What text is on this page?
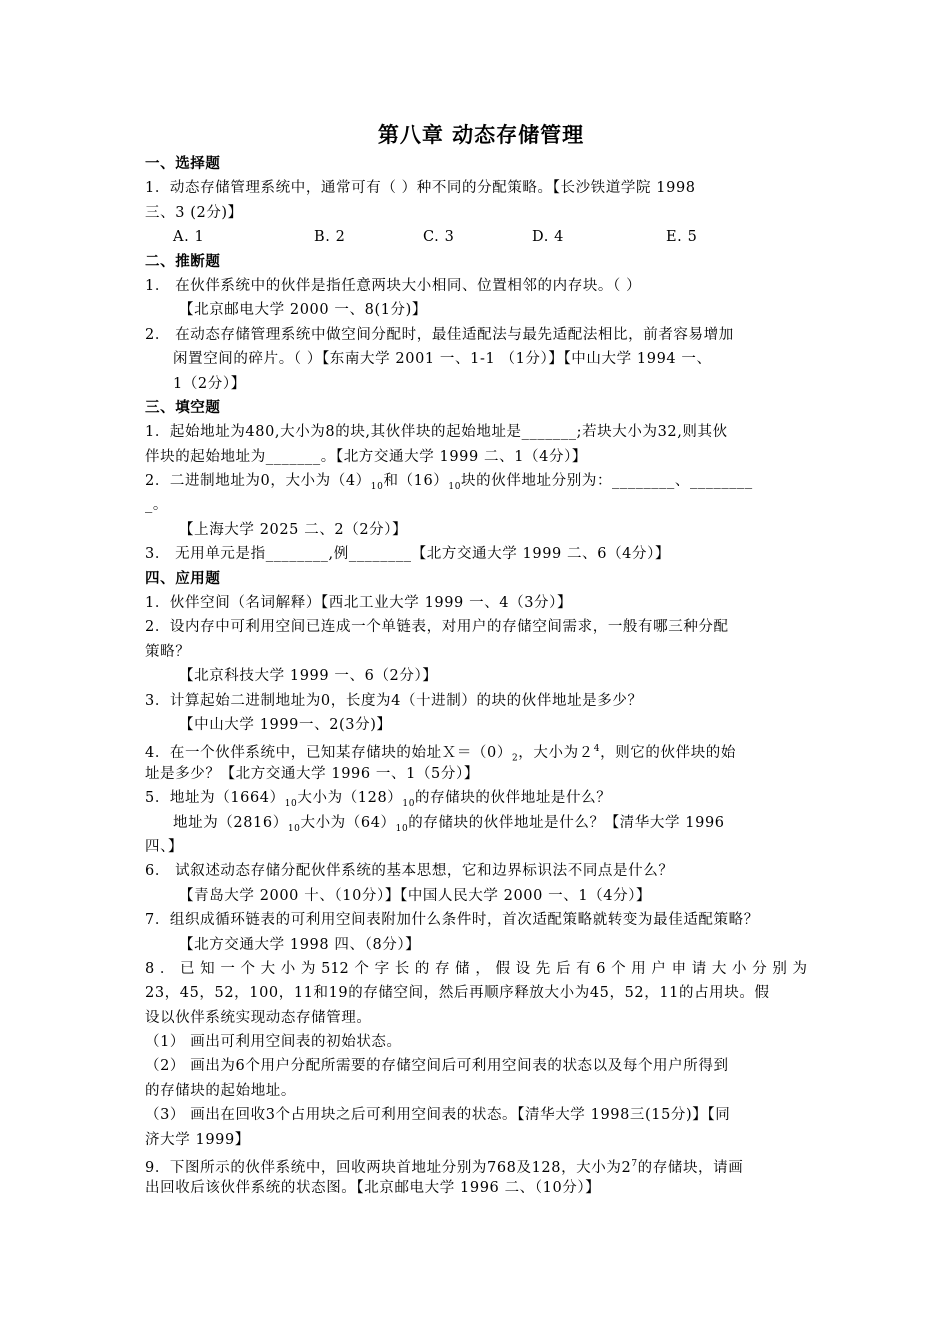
第八章 动态存储管理
一、选择题
1．动态存储管理系统中，通常可有（ ）种不同的分配策略。【长沙铁道学院 1998
三、3 (2分)】
A. 1	B. 2	C. 3	D. 4	E. 5
二、推断题
1． 在伙伴系统中的伙伴是指任意两块大小相同、位置相邻的内存块。（ ）
【北京邮电大学 2000 一、8(1分)】
2． 在动态存储管理系统中做空间分配时，最佳适配法与最先适配法相比，前者容易增加
闲置空间的碎片。（ ）【东南大学 2001 一、1-1 （1分）】【中山大学 1994 一、
1（2分）】
三、填空题
1．起始地址为480,大小为8的块,其伙伴块的起始地址是_______;若块大小为32,则其伙
伴块的起始地址为_______。【北方交通大学 1999 二、1（4分）】
2．二进制地址为0，大小为$(4)_{10}$和$(16)_{10}$块的伙伴地址分别为：________、________
_。
【上海大学 2025 二、2（2分）】
3． 无用单元是指________,例________【北方交通大学 1999 二、6（4分）】
四、应用题
1．伙伴空间（名词解释）【西北工业大学 1999 一、4（3分）】
2．设内存中可利用空间已连成一个单链表，对用户的存储空间需求，一般有哪三种分配
策略？
【北京科技大学 1999 一、6（2分）】
3．计算起始二进制地址为0，长度为4（十进制）的块的伙伴地址是多少？
【中山大学 1999一、2(3分)】
4．在一个伙伴系统中，已知某存储块的始址$X=(0)_2$，大小为$2^4$，则它的伙伴块的始
址是多少？【北方交通大学 1996 一、1（5分）】
5．地址为$(1664)_{10}$大小为$(128)_{10}$的存储块的伙伴地址是什么？
地址为$(2816)_{10}$大小为$(64)_{10}$的存储块的伙伴地址是什么？【清华大学 1996
四、】
6． 试叙述动态存储分配伙伴系统的基本思想，它和边界标识法不同点是什么？
【青岛大学 2000 十、（10分）】【中国人民大学 2000 一、1（4分）】
7．组织成循环链表的可利用空间表附加什么条件时，首次适配策略就转变为最佳适配策略？
【北方交通大学 1998 四、（8分）】
8．已知一个大小为512个字长的存储，假设先后有6个用户申请大小分别为
23，45，52，100，11和19的存储空间，然后再顺序释放大小为45，52，11的占用块。假
设以伙伴系统实现动态存储管理。
（1） 画出可利用空间表的初始状态。
（2） 画出为6个用户分配所需要的存储空间后可利用空间表的状态以及每个用户所得到
的存储块的起始地址。
（3） 画出在回收3个占用块之后可利用空间表的状态。【清华大学 1998三(15分)】【同
济大学 1999】
9．下图所示的伙伴系统中，回收两块首地址分别为768及128，大小为$2^7$的存储块，请画
出回收后该伙伴系统的状态图。【北京邮电大学 1996 二、（10分）】
